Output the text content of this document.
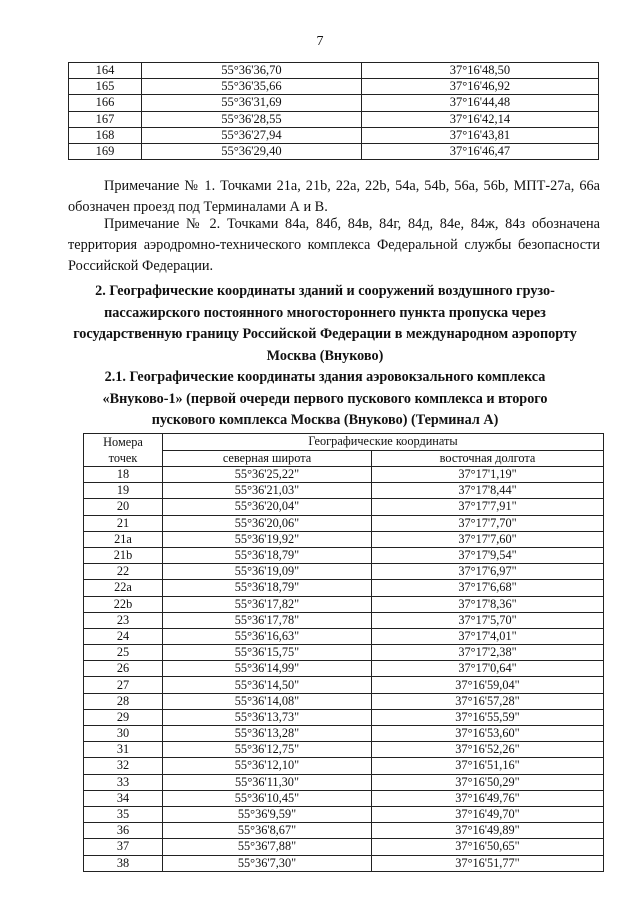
7
164	55°36'36,70	37°16'48,50
165	55°36'35,66	37°16'46,92
166	55°36'31,69	37°16'44,48
167	55°36'28,55	37°16'42,14
168	55°36'27,94	37°16'43,81
169	55°36'29,40	37°16'46,47
Примечание № 1. Точками 21а, 21b, 22а, 22b, 54а, 54b, 56а, 56b, МПТ-27а, 66а обозначен проезд под Терминалами А и В.
Примечание № 2. Точками 84а, 84б, 84в, 84г, 84д, 84е, 84ж, 84з обозначена территория аэродромно-технического комплекса Федеральной службы безопасности Российской Федерации.
2. Географические координаты зданий и сооружений воздушного грузо-
пассажирского постоянного многостороннего пункта пропуска через
государственную границу Российской Федерации в международном аэропорту
Москва (Внуково)
2.1. Географические координаты здания аэровокзального комплекса
«Внуково-1» (первой очереди первого пускового комплекса и второго
пускового комплекса Москва (Внуково) (Терминал А)
Номера
точек	Географические координаты	
	северная широта	восточная долгота
18	55°36'25,22"	37°17'1,19"
19	55°36'21,03"	37°17'8,44"
20	55°36'20,04"	37°17'7,91"
21	55°36'20,06"	37°17'7,70"
21a	55°36'19,92"	37°17'7,60"
21b	55°36'18,79"	37°17'9,54"
22	55°36'19,09"	37°17'6,97"
22a	55°36'18,79"	37°17'6,68"
22b	55°36'17,82"	37°17'8,36"
23	55°36'17,78"	37°17'5,70"
24	55°36'16,63"	37°17'4,01"
25	55°36'15,75"	37°17'2,38"
26	55°36'14,99"	37°17'0,64"
27	55°36'14,50"	37°16'59,04"
28	55°36'14,08"	37°16'57,28"
29	55°36'13,73"	37°16'55,59"
30	55°36'13,28"	37°16'53,60"
31	55°36'12,75"	37°16'52,26"
32	55°36'12,10"	37°16'51,16"
33	55°36'11,30"	37°16'50,29"
34	55°36'10,45"	37°16'49,76"
35	55°36'9,59"	37°16'49,70"
36	55°36'8,67"	37°16'49,89"
37	55°36'7,88"	37°16'50,65"
38	55°36'7,30"	37°16'51,77"
